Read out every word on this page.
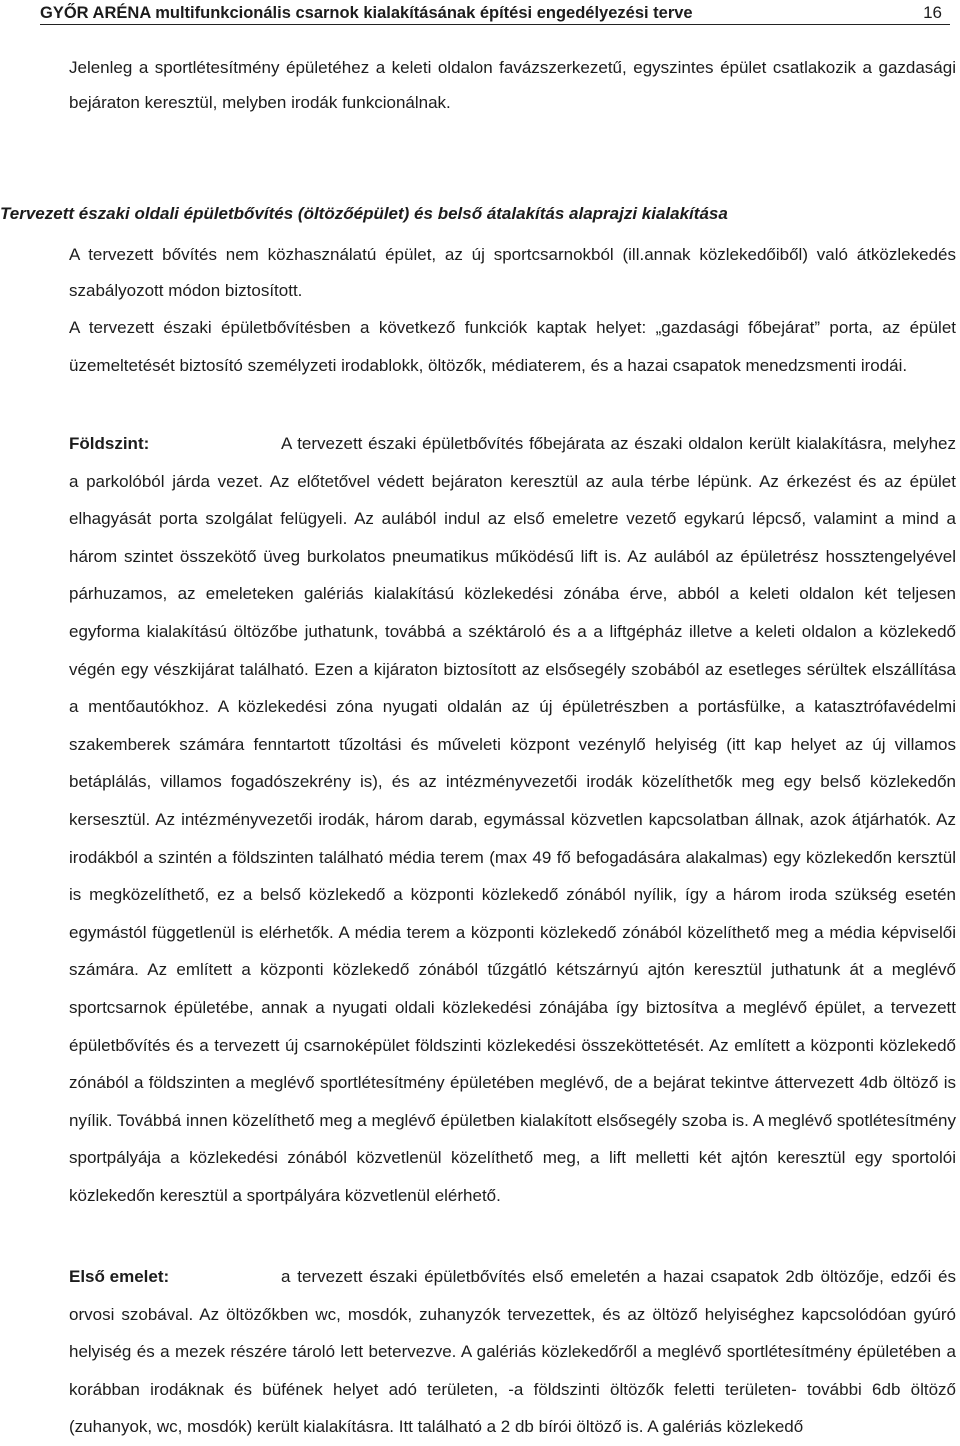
GYŐR ARÉNA multifunkcionális csarnok kialakításának építési engedélyezési terve	16

Jelenleg a sportlétesítmény épületéhez a keleti oldalon favázszerkezetű, egyszintes épület csatlakozik a gazdasági bejáraton keresztül, melyben irodák funkcionálnak.

Tervezett északi oldali épületbővítés (öltözőépület) és belső átalakítás alaprajzi kialakítása

A tervezett bővítés nem közhasználatú épület, az új sportcsarnokból (ill.annak közlekedőiből) való átközlekedés szabályozott módon biztosított.

A tervezett északi épületbővítésben a következő funkciók kaptak helyet: „gazdasági főbejárat” porta, az épület üzemeltetését biztosító személyzeti irodablokk, öltözők, médiaterem, és a hazai csapatok menedzsmenti irodái.

Földszint:	A tervezett északi épületbővítés főbejárata az északi oldalon került kialakításra, melyhez a parkolóból járda vezet. Az előtetővel védett bejáraton keresztül az aula térbe lépünk. Az érkezést és az épület elhagyását porta szolgálat felügyeli. Az aulából indul az első emeletre vezető egykarú lépcső, valamint a mind a három szintet összekötő üveg burkolatos pneumatikus működésű lift is. Az aulából az épületrész hossztengelyével párhuzamos, az emeleteken galériás kialakítású közlekedési zónába érve, abból a keleti oldalon két teljesen egyforma kialakítású öltözőbe juthatunk, továbbá a széktároló és a a liftgépház illetve a keleti oldalon a közlekedő végén egy vészkijárat található. Ezen a kijáraton biztosított az elsősegély szobából az esetleges sérültek elszállítása a mentőautókhoz. A közlekedési zóna nyugati oldalán az új épületrészben a portásfülke, a katasztrófavédelmi szakemberek számára fenntartott tűzoltási és műveleti központ vezénylő helyiség (itt kap helyet az új villamos betáplálás, villamos fogadószekrény is), és az intézményvezetői irodák közelíthetők meg egy belső közlekedőn kersesztül. Az intézményvezetői irodák, három darab, egymással közvetlen kapcsolatban állnak, azok átjárhatók. Az irodákból a szintén a földszinten található média terem (max 49 fő befogadására alakalmas) egy közlekedőn kersztül is megközelíthető, ez a belső közlekedő a központi közlekedő zónából nyílik, így a három iroda szükség esetén egymástól függetlenül is elérhetők. A média terem a központi közlekedő zónából közelíthető meg a média képviselői számára. Az említett a központi közlekedő zónából tűzgátló kétszárnyú ajtón keresztül juthatunk át a meglévő sportcsarnok épületébe, annak a nyugati oldali közlekedési zónájába így biztosítva a meglévő épület, a tervezett épületbővítés és a tervezett új csarnoképület földszinti közlekedési összeköttetését. Az említett a központi közlekedő zónából a földszinten a meglévő sportlétesítmény épületében meglévő, de a bejárat tekintve áttervezett 4db öltöző is nyílik. Továbbá innen közelíthető meg a meglévő épületben kialakított elsősegély szoba is. A meglévő spotlétesítmény sportpályája a közlekedési zónából közvetlenül közelíthető meg, a lift melletti két ajtón keresztül egy sportolói közlekedőn keresztül a sportpályára közvetlenül elérhető.

Első emelet:	a tervezett északi épületbővítés első emeletén a hazai csapatok 2db öltözője, edzői és orvosi szobával. Az öltözőkben wc, mosdók, zuhanyzók tervezettek, és az öltöző helyiséghez kapcsolódóan gyúró helyiség és a mezek részére tároló lett betervezve. A galériás közlekedőről a meglévő sportlétesítmény épületében a korábban irodáknak és büfének helyet adó területen, -a földszinti öltözők feletti területen- további 6db öltöző (zuhanyok, wc, mosdók) került kialakításra. Itt található a 2 db bírói öltöző is. A galériás közlekedő
